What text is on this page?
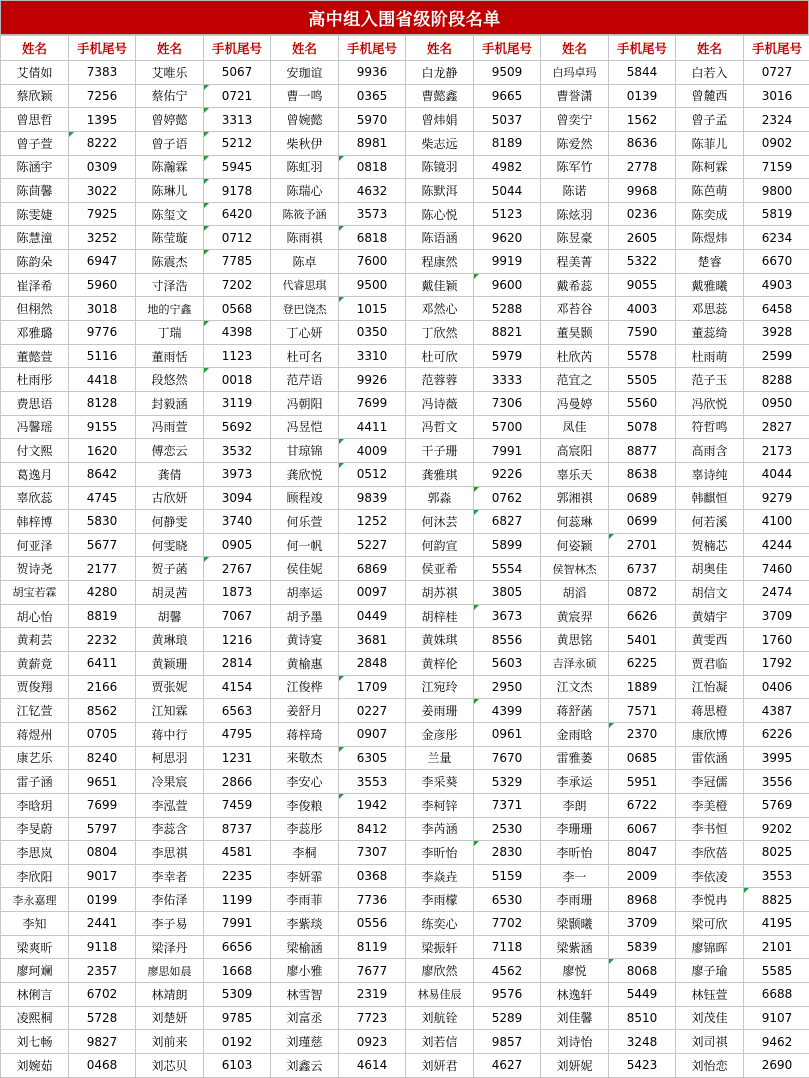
高中组入围省级阶段名单
姓名	手机尾号	姓名	手机尾号	姓名	手机尾号	姓名	手机尾号	姓名	手机尾号	姓名	手机尾号
艾倩如	7383	艾唯乐	5067	安珈谊	9936	白龙静	9509	白玛卓玛	5844	白若入	0727
蔡欣颖	7256	蔡佑宁	0721	曹一鸣	0365	曹懿鑫	9665	曹誉潇	0139	曾麓西	3016
曾思哲	1395	曾婷懿	3313	曾婉懿	5970	曾炜娟	5037	曾奕宁	1562	曾子孟	2324
曾子萱	8222	曾子语	5212	柴秋伊	8981	柴志远	8189	陈爱然	8636	陈菲儿	0902
陈涵宇	0309	陈瀚霖	5945	陈虹羽	0818	陈镜羽	4982	陈军竹	2778	陈柯霖	7159
陈茴馨	3022	陈琳儿	9178	陈瑞心	4632	陈默洱	5044	陈诺	9968	陈芭萌	9800
陈雯婕	7925	陈玺文	6420	陈筱予涵	3573	陈心悦	5123	陈炫羽	0236	陈奕成	5819
陈慧潼	3252	陈莹璇	0712	陈雨祺	6818	陈语涵	9620	陈昱豪	2605	陈煜炜	6234
陈韵朵	6947	陈震杰	7785	陈卓	7600	程康然	9919	程美菁	5322	楚睿	6670
崔泽希	5960	寸泽浩	7202	代睿思琪	9500	戴佳颖	9600	戴希蕊	9055	戴雅曦	4903
但栩然	3018	地的宁鑫	0568	登巴饶杰	1015	邓然心	5288	邓苔谷	4003	邓思蕊	6458
邓雅璐	9776	丁瑞	4398	丁心妍	0350	丁欣然	8821	董昊颢	7590	董蕊绮	3928
董懿萱	5116	董雨恬	1123	杜可名	3310	杜可欣	5979	杜欣芮	5578	杜雨萌	2599
杜雨彤	4418	段悠然	0018	范芹语	9926	范蓉蓉	3333	范宜之	5505	范子玉	8288
费思语	8128	封毅涵	3119	冯朝阳	7699	冯诗薇	7306	冯曼婷	5560	冯欣悦	0950
冯馨瑶	9155	冯雨萱	5692	冯昱恺	4411	冯哲文	5700	凤佳	5078	符哲鸣	2827
付文熙	1620	傅恋云	3532	甘琼锦	4009	干子珊	7991	高宸阳	8877	高雨含	2173
葛逸月	8642	龚倩	3973	龚欣悦	0512	龚雅琪	9226	辜乐天	8638	辜诗纯	4044
辜欣蕊	4745	古欣妍	3094	顾程竣	9839	郭淼	0762	郭湘祺	0689	韩麒恒	9279
韩梓博	5830	何静雯	3740	何乐萱	1252	何沐芸	6827	何蕊琳	0699	何若溪	4100
何亚泽	5677	何雯晓	0905	何一帆	5227	何韵宣	5899	何姿颖	2701	贺楠芯	4244
贺诗尧	2177	贺子菡	2767	侯佳妮	6869	侯亚希	5554	侯智林杰	6737	胡奥佳	7460
胡宝若霖	4280	胡灵茜	1873	胡率运	0097	胡苏祺	3805	胡滔	0872	胡信文	2474
胡心怡	8819	胡馨	7067	胡予墨	0449	胡梓桂	3673	黄宸羿	6626	黄婧宇	3709
黄莉芸	2232	黄琳琅	1216	黄诗宴	3681	黄姝琪	8556	黄思铭	5401	黄雯西	1760
黄薪竟	6411	黄颖珊	2814	黄榆惠	2848	黄梓伦	5603	吉泽永硕	6225	贾君临	1792
贾俊翔	2166	贾张妮	4154	江俊桦	1709	江宛玲	2950	江文杰	1889	江怡凝	0406
江钇萱	8562	江知霖	6563	姜舒月	0227	姜雨珊	4399	蒋舒菡	7571	蒋思橙	4387
蒋煜州	0705	蒋中行	4795	蒋梓琦	0907	金彦彤	0961	金雨晗	2370	康欣博	6226
康艺乐	8240	柯思羽	1231	来敬杰	6305	兰量	7670	雷雅萎	0685	雷依涵	3995
雷子涵	9651	冷果宸	2866	李安心	3553	李采葵	5329	李承运	5951	李冠儒	3556
李晗玥	7699	李泓萱	7459	李俊粮	1942	李柯锌	7371	李朗	6722	李美橙	5769
李旻蔚	5797	李蕊含	8737	李蕊彤	8412	李芮涵	2530	李珊珊	6067	李书恒	9202
李思岚	0804	李思祺	4581	李桐	7307	李昕怡	2830	李昕怡	8047	李欣蓓	8025
李欣阳	9017	李幸者	2235	李妍霏	0368	李焱垚	5159	李一	2009	李依凌	3553
李永嘉理	0199	李佑泽	1199	李雨菲	7736	李雨檬	6530	李雨珊	8968	李悦冉	8825
李知	2441	李子易	7991	李紫琰	0556	练奕心	7702	梁颢曦	3709	梁可欣	4195
梁爽昕	9118	梁泽丹	6656	梁榆涵	8119	梁振轩	7118	梁紫涵	5839	廖锦晖	2101
廖珂斓	2357	廖思如晨	1668	廖小雅	7677	廖欣然	4562	廖悦	8068	廖子瑜	5585
林俐言	6702	林靖朗	5309	林雪智	2319	林易佳辰	9576	林逸轩	5449	林钰萱	6688
凌熙桐	5728	刘楚妍	9785	刘富丞	7723	刘航铨	5289	刘佳馨	8510	刘茂佳	9107
刘七畅	9827	刘前来	0192	刘瑾慈	0923	刘若信	9857	刘诗怡	3248	刘司祺	9462
刘婉茹	0468	刘芯贝	6103	刘鑫云	4614	刘妍君	4627	刘妍妮	5423	刘怡恋	2690
